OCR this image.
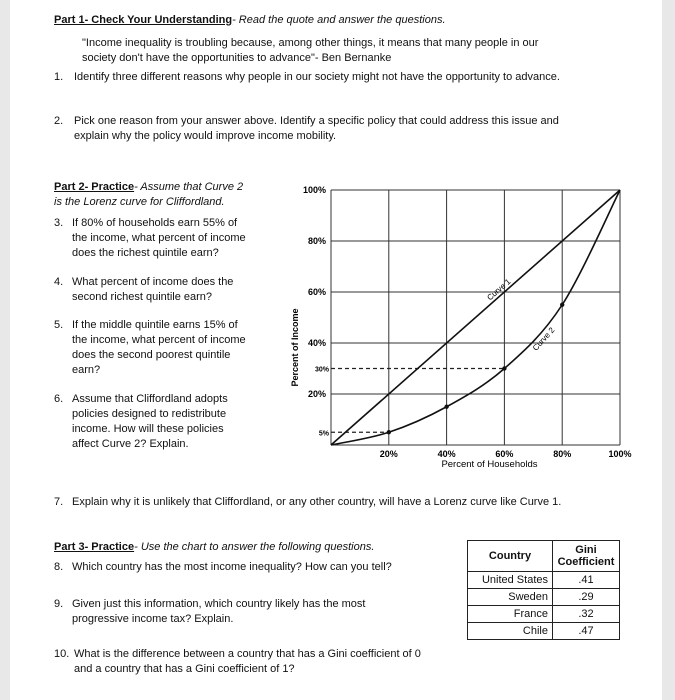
Part 1- Check Your Understanding- Read the quote and answer the questions.
"Income inequality is troubling because, among other things, it means that many people in our
society don't have the opportunities to advance"- Ben Bernanke
1. Identify three different reasons why people in our society might not have the opportunity to advance.
2. Pick one reason from your answer above. Identify a specific policy that could address this issue and
explain why the policy would improve income mobility.
Part 2- Practice- Assume that Curve 2
is the Lorenz curve for Cliffordland.
3. If 80% of households earn 55% of
the income, what percent of income
does the richest quintile earn?
4. What percent of income does the
second richest quintile earn?
5. If the middle quintile earns 15% of
the income, what percent of income
does the second poorest quintile
earn?
6. Assume that Cliffordland adopts
policies designed to redistribute
income. How will these policies
affect Curve 2? Explain.
100%
80%
60%
40%
20%
30%
5%
20%	40%	60%	80%	100%
Curve 1
Curve 2
Percent of Income
Percent of Households
7. Explain why it is unlikely that Cliffordland, or any other country, will have a Lorenz curve like Curve 1.
Part 3- Practice- Use the chart to answer the following questions.
8. Which country has the most income inequality? How can you tell?
9. Given just this information, which country likely has the most
progressive income tax? Explain.
10. What is the difference between a country that has a Gini coefficient of 0
and a country that has a Gini coefficient of 1?
Country	Gini
Coefficient

United States	.41
Sweden	.29
France	.32
Chile	.47
